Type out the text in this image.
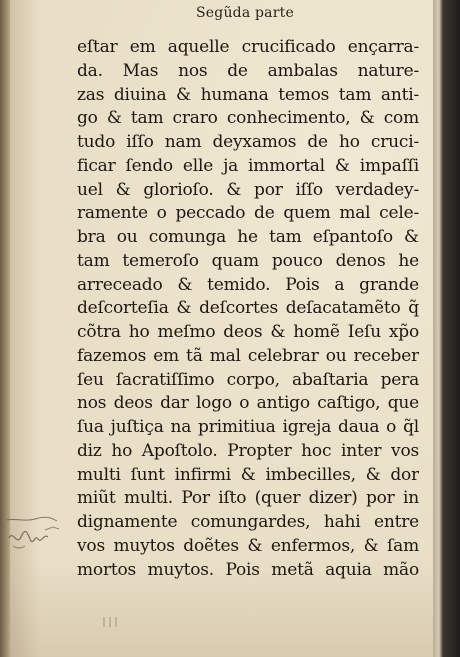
Segũda parte
eſtar em aquelle crucificado ençarra-
da. Mas nos de ambalas nature-
zas diuina & humana temos tam anti-
go & tam craro conhecimento, & com
tudo iſſo nam deyxamos de ho cruci-
ficar ſendo elle ja immortal & impaſſi
uel & glorioſo. & por iſſo verdadey-
ramente o peccado de quem mal cele-
bra ou comunga he tam eſpantoſo &
tam temeroſo quam pouco denos he
arreceado & temido. Pois a grande
deſcorteſia & deſcortes deſacatamẽto q̃
cõtra ho meſmo deos & homẽ Ieſu xp̃o
fazemos em tã mal celebrar ou receber
ſeu ſacratiſſimo corpo, abaſtaria pera
nos deos dar logo o antigo caſtigo, que
ſua juſtiça na primitiua igreja daua o q̃l
diz ho Apoſtolo. Propter hoc inter vos
multi ſunt infirmi & imbecilles, & dor
miũt multi. Por iſto (quer dizer) por in
dignamente comungardes, hahi entre
vos muytos doẽtes & enfermos, & ſam
mortos muytos. Pois metã aquia mão
